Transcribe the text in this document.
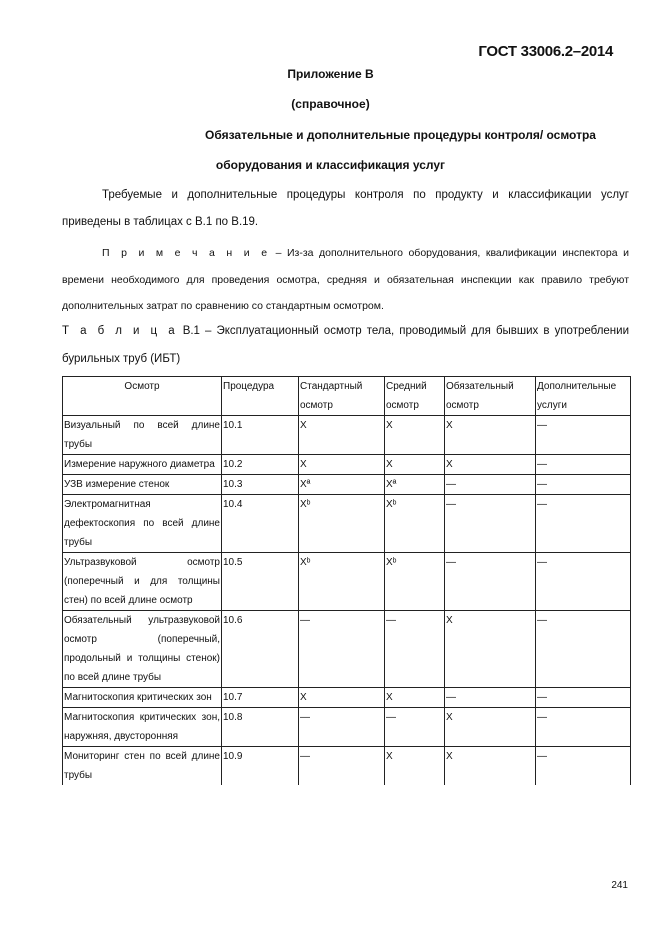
ГОСТ 33006.2–2014
Приложение В
(справочное)
Обязательные и дополнительные процедуры контроля/ осмотра
оборудования и классификация услуг

Требуемые и дополнительные процедуры контроля по продукту и классификации услуг приведены в таблицах с В.1 по В.19.

П р и м е ч а н и е – Из-за дополнительного оборудования, квалификации инспектора и времени необходимого для проведения осмотра, средняя и обязательная инспекции как правило требуют дополнительных затрат по сравнению со стандартным осмотром.

Т а б л и ц а В.1 – Эксплуатационный осмотр тела, проводимый для бывших в употреблении бурильных труб (ИБТ)

Осмотр	Процедура	Стандартный осмотр	Средний осмотр	Обязательный осмотр	Дополнительные услуги
Визуальный по всей длине трубы	10.1	Х	Х	Х	—
Измерение наружного диаметра	10.2	Х	Х	Х	—
УЗВ измерение стенок	10.3	Хª	Хª	—	—
Электромагнитная дефектоскопия по всей длине трубы	10.4	Хᵇ	Хᵇ	—	—
Ультразвуковой осмотр (поперечный и для толщины стен) по всей длине осмотр	10.5	Хᵇ	Хᵇ	—	—
Обязательный ультразвуковой осмотр (поперечный, продольный и толщины стенок) по всей длине трубы	10.6	—	—	Х	—
Магнитоскопия критических зон	10.7	Х	Х	—	—
Магнитоскопия критических зон, наружняя, двусторонняя	10.8	—	—	Х	—
Мониторинг стен по всей длине трубы	10.9	—	Х	Х	—
241
